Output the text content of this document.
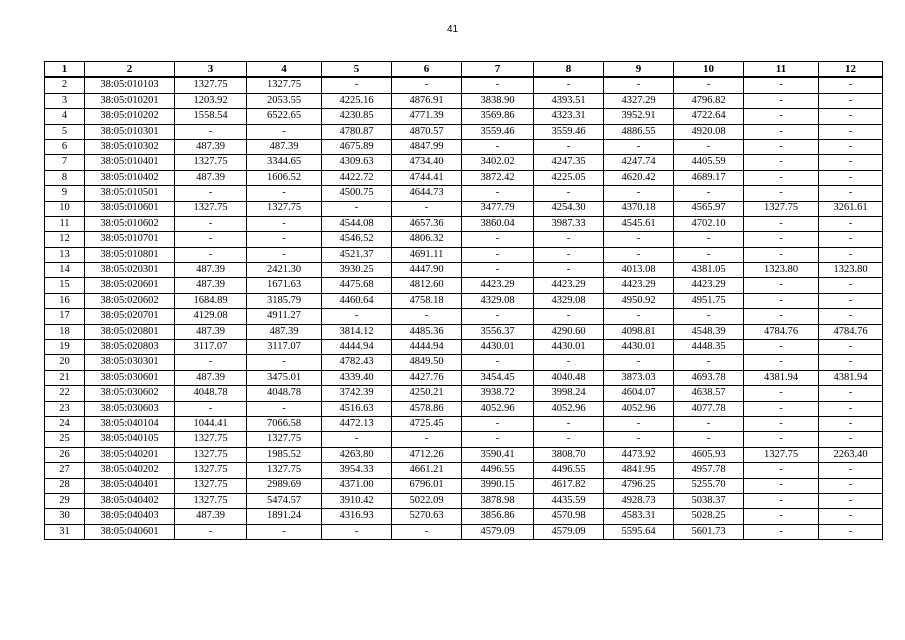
41
1	2	3	4	5	6	7	8	9	10	11	12
2	38:05:010103	1327.75	1327.75	-	-	-	-	-	-	-	-
3	38:05:010201	1203.92	2053.55	4225.16	4876.91	3838.90	4393.51	4327.29	4796.82	-	-
4	38:05:010202	1558.54	6522.65	4230.85	4771.39	3569.86	4323.31	3952.91	4722.64	-	-
5	38:05:010301	-	-	4780.87	4870.57	3559.46	3559.46	4886.55	4920.08	-	-
6	38:05:010302	487.39	487.39	4675.89	4847.99	-	-	-	-	-	-
7	38:05:010401	1327.75	3344.65	4309.63	4734.40	3402.02	4247.35	4247.74	4405.59	-	-
8	38:05:010402	487.39	1606.52	4422.72	4744.41	3872.42	4225.05	4620.42	4689.17	-	-
9	38:05:010501	-	-	4500.75	4644.73	-	-	-	-	-	-
10	38:05:010601	1327.75	1327.75	-	-	3477.79	4254.30	4370.18	4565.97	1327.75	3261.61
11	38:05:010602	-	-	4544.08	4657.36	3860.04	3987.33	4545.61	4702.10	-	-
12	38:05:010701	-	-	4546.52	4806.32	-	-	-	-	-	-
13	38:05:010801	-	-	4521.37	4691.11	-	-	-	-	-	-
14	38:05:020301	487.39	2421.30	3930.25	4447.90	-	-	4013.08	4381.05	1323.80	1323.80
15	38:05:020601	487.39	1671.63	4475.68	4812.60	4423.29	4423.29	4423.29	4423.29	-	-
16	38:05:020602	1684.89	3185.79	4460.64	4758.18	4329.08	4329.08	4950.92	4951.75	-	-
17	38:05:020701	4129.08	4911.27	-	-	-	-	-	-	-	-
18	38:05:020801	487.39	487.39	3814.12	4485.36	3556.37	4290.60	4098.81	4548.39	4784.76	4784.76
19	38:05:020803	3117.07	3117.07	4444.94	4444.94	4430.01	4430.01	4430.01	4448.35	-	-
20	38:05:030301	-	-	4782.43	4849.50	-	-	-	-	-	-
21	38:05:030601	487.39	3475.01	4339.40	4427.76	3454.45	4040.48	3873.03	4693.78	4381.94	4381.94
22	38:05:030602	4048.78	4048.78	3742.39	4250.21	3938.72	3998.24	4604.07	4638.57	-	-
23	38:05:030603	-	-	4516.63	4578.86	4052.96	4052.96	4052.96	4077.78	-	-
24	38:05:040104	1044.41	7066.58	4472.13	4725.45	-	-	-	-	-	-
25	38:05:040105	1327.75	1327.75	-	-	-	-	-	-	-	-
26	38:05:040201	1327.75	1985.52	4263.80	4712.26	3590.41	3808.70	4473.92	4605.93	1327.75	2263.40
27	38:05:040202	1327.75	1327.75	3954.33	4661.21	4496.55	4496.55	4841.95	4957.78	-	-
28	38:05:040401	1327.75	2989.69	4371.00	6796.01	3990.15	4617.82	4796.25	5255.70	-	-
29	38:05:040402	1327.75	5474.57	3910.42	5022.09	3878.98	4435.59	4928.73	5038.37	-	-
30	38:05:040403	487.39	1891.24	4316.93	5270.63	3856.86	4570.98	4583.31	5028.25	-	-
31	38:05:040601	-	-	-	-	4579.09	4579.09	5595.64	5601.73	-	-
